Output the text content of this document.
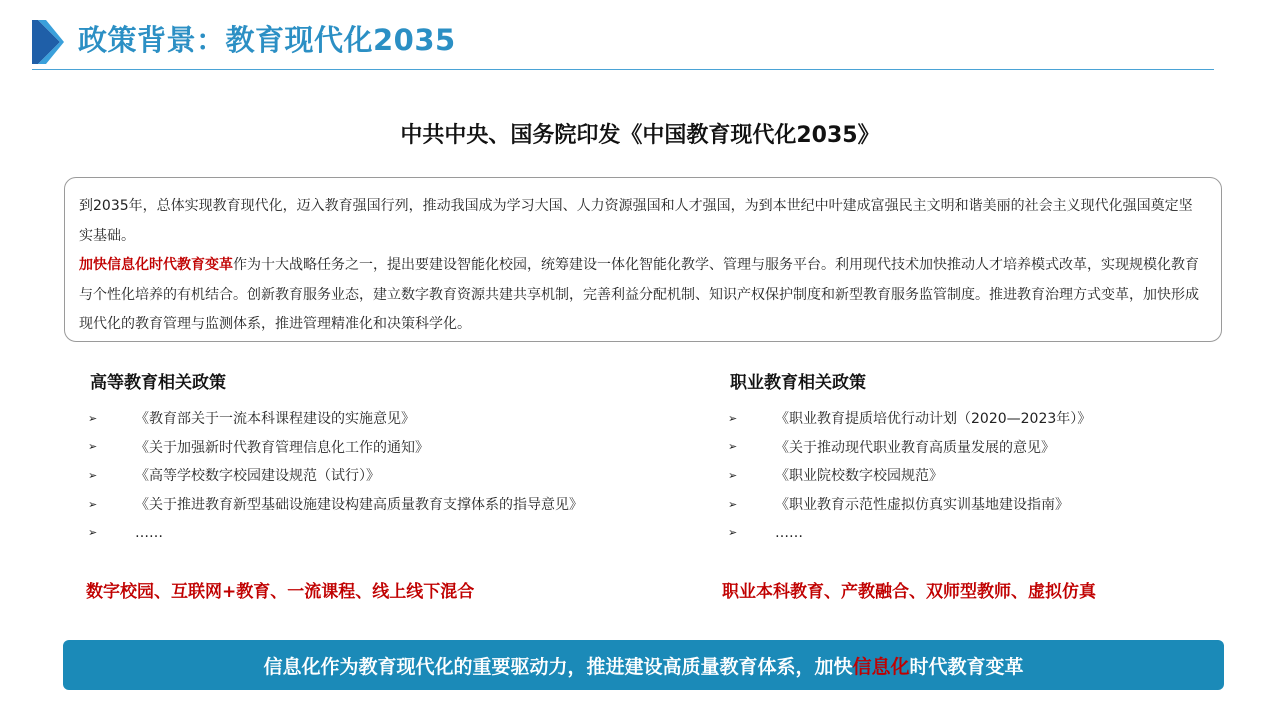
政策背景：教育现代化2035
中共中央、国务院印发《中国教育现代化2035》

到2035年，总体实现教育现代化，迈入教育强国行列，推动我国成为学习大国、人力资源强国和人才强国，为到本世纪中叶建成富强民主文明和谐美丽的社会主义现代化强国奠定坚实基础。

加快信息化时代教育变革作为十大战略任务之一，提出要建设智能化校园，统筹建设一体化智能化教学、管理与服务平台。利用现代技术加快推动人才培养模式改革，实现规模化教育与个性化培养的有机结合。创新教育服务业态，建立数字教育资源共建共享机制，完善利益分配机制、知识产权保护制度和新型教育服务监管制度。推进教育治理方式变革，加快形成现代化的教育管理与监测体系，推进管理精准化和决策科学化。

高等教育相关政策
➢	《教育部关于一流本科课程建设的实施意见》
➢	《关于加强新时代教育管理信息化工作的通知》
➢	《高等学校数字校园建设规范（试行）》
➢	《关于推进教育新型基础设施建设构建高质量教育支撑体系的指导意见》
➢	……
职业教育相关政策
➢	《职业教育提质培优行动计划（2020—2023年）》
➢	《关于推动现代职业教育高质量发展的意见》
➢	《职业院校数字校园规范》
➢	《职业教育示范性虚拟仿真实训基地建设指南》
➢	……
数字校园、互联网+教育、一流课程、线上线下混合	职业本科教育、产教融合、双师型教师、虚拟仿真
信息化作为教育现代化的重要驱动力，推进建设高质量教育体系，加快 信息化 时代教育变革
